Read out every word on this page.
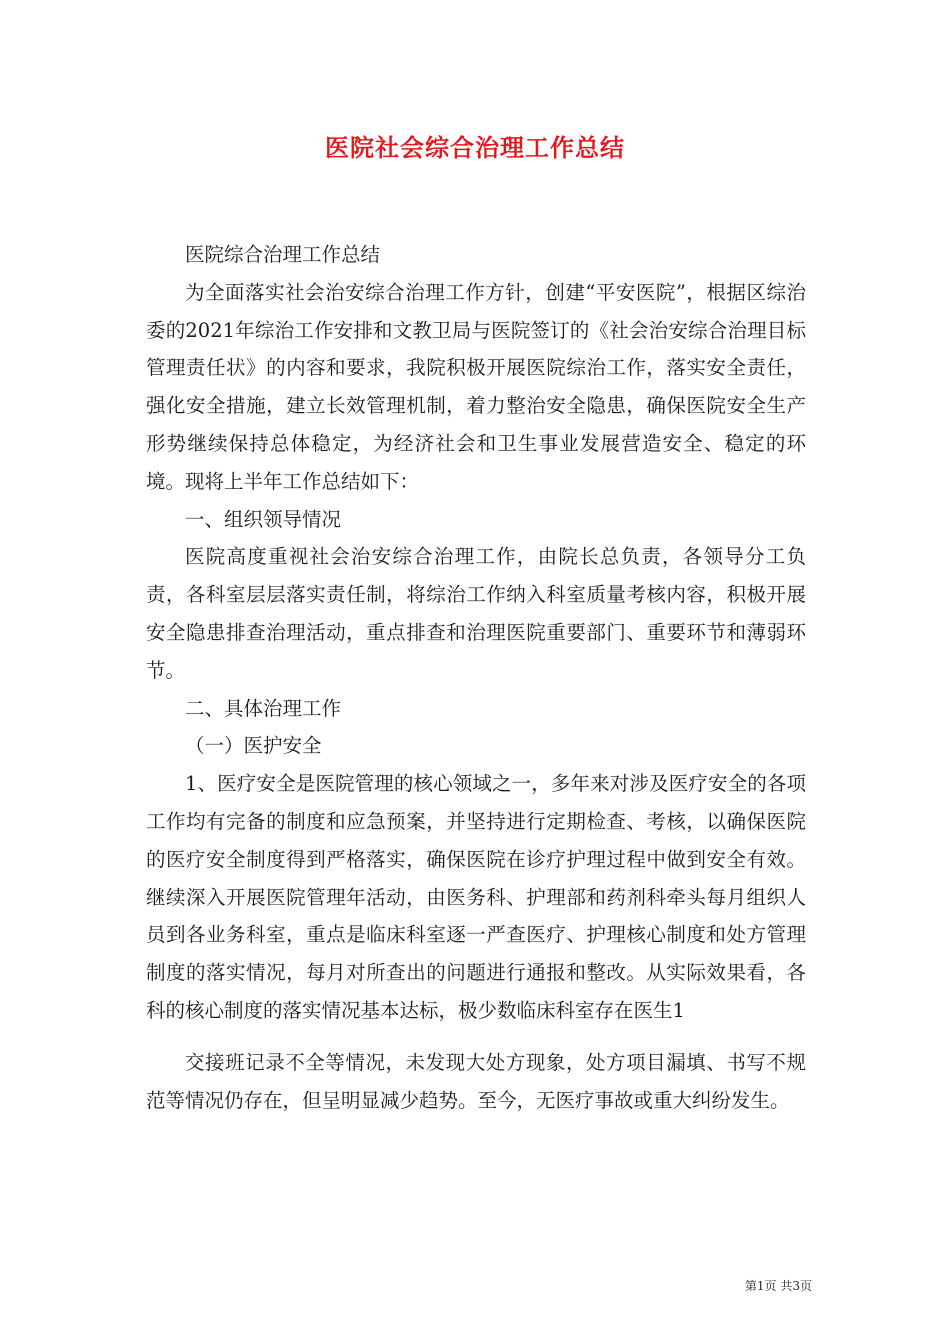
医院社会综合治理工作总结

医院综合治理工作总结

为全面落实社会治安综合治理工作方针，创建“平安医院”，根据区综治委的2021年综治工作安排和文教卫局与医院签订的《社会治安综合治理目标管理责任状》的内容和要求，我院积极开展医院综治工作，落实安全责任，强化安全措施，建立长效管理机制，着力整治安全隐患，确保医院安全生产形势继续保持总体稳定，为经济社会和卫生事业发展营造安全、稳定的环境。现将上半年工作总结如下：

一、组织领导情况

医院高度重视社会治安综合治理工作，由院长总负责，各领导分工负责，各科室层层落实责任制，将综治工作纳入科室质量考核内容，积极开展安全隐患排查治理活动，重点排查和治理医院重要部门、重要环节和薄弱环节。

二、具体治理工作

（一）医护安全

1、医疗安全是医院管理的核心领域之一，多年来对涉及医疗安全的各项工作均有完备的制度和应急预案，并坚持进行定期检查、考核，以确保医院的医疗安全制度得到严格落实，确保医院在诊疗护理过程中做到安全有效。继续深入开展医院管理年活动，由医务科、护理部和药剂科牵头每月组织人员到各业务科室，重点是临床科室逐一严查医疗、护理核心制度和处方管理制度的落实情况，每月对所查出的问题进行通报和整改。从实际效果看，各科的核心制度的落实情况基本达标，极少数临床科室存在医生1

交接班记录不全等情况，未发现大处方现象，处方项目漏填、书写不规范等情况仍存在，但呈明显减少趋势。至今，无医疗事故或重大纠纷发生。

第1页 共3页
